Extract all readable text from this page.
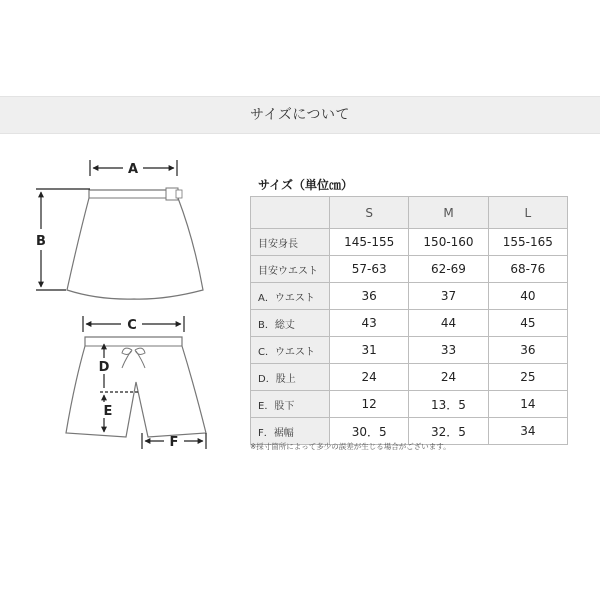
サイズについて
A
B
C
D
E
F
サイズ（単位㎝）
	S	M	L
目安身長	145-155	150-160	155-165
目安ウエスト	57-63	62-69	68-76
A．ウエスト	36	37	40
B．総丈	43	44	45
C．ウエスト	31	33	36
D．股上	24	24	25
E．股下	12	13．5	14
F．裾幅	30．5	32．5	34
※採寸箇所によって多少の誤差が生じる場合がございます。
